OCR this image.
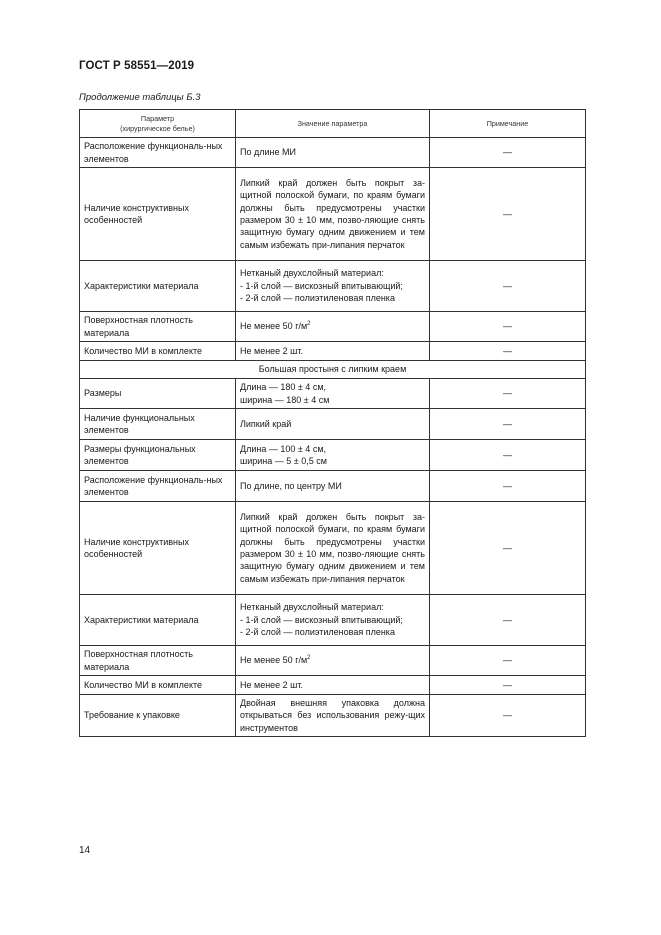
ГОСТ Р 58551—2019
Продолжение таблицы Б.3
Параметр
(хирургическое белье)	Значение параметра	Примечание
Расположение функциональ-ных элементов	По длине МИ	—
Наличие конструктивных особенностей	Липкий край должен быть покрыт за-щитной полоской бумаги, по краям бумаги должны быть предусмотрены участки размером 30 ± 10 мм, позво-ляющие снять защитную бумагу одним движением и тем самым избежать при-липания перчаток	—
Характеристики материала	Нетканый двухслойный материал:
- 1-й слой — вискозный впитывающий;
- 2-й слой — полиэтиленовая пленка	—
Поверхностная плотность материала	Не менее 50 $г/м^2$	—
Количество МИ в комплекте	Не менее 2 шт.	—
Большая простыня с липким краем		
Размеры	Длина — 180 ± 4 см,
ширина — 180 ± 4 см	—
Наличие функциональных элементов	Липкий край	—
Размеры функциональных элементов	Длина — 100 ± 4 см,
ширина — 5 ± 0,5 см	—
Расположение функциональ-ных элементов	По длине, по центру МИ	—
Наличие конструктивных особенностей	Липкий край должен быть покрыт за-щитной полоской бумаги, по краям бумаги должны быть предусмотрены участки размером 30 ± 10 мм, позво-ляющие снять защитную бумагу одним движением и тем самым избежать при-липания перчаток	—
Характеристики материала	Нетканый двухслойный материал:
- 1-й слой — вискозный впитывающий;
- 2-й слой — полиэтиленовая пленка	—
Поверхностная плотность материала	Не менее 50 $г/м^2$	—
Количество МИ в комплекте	Не менее 2 шт.	—
Требование к упаковке	Двойная внешняя упаковка должна открываться без использования режу-щих инструментов	—
14
